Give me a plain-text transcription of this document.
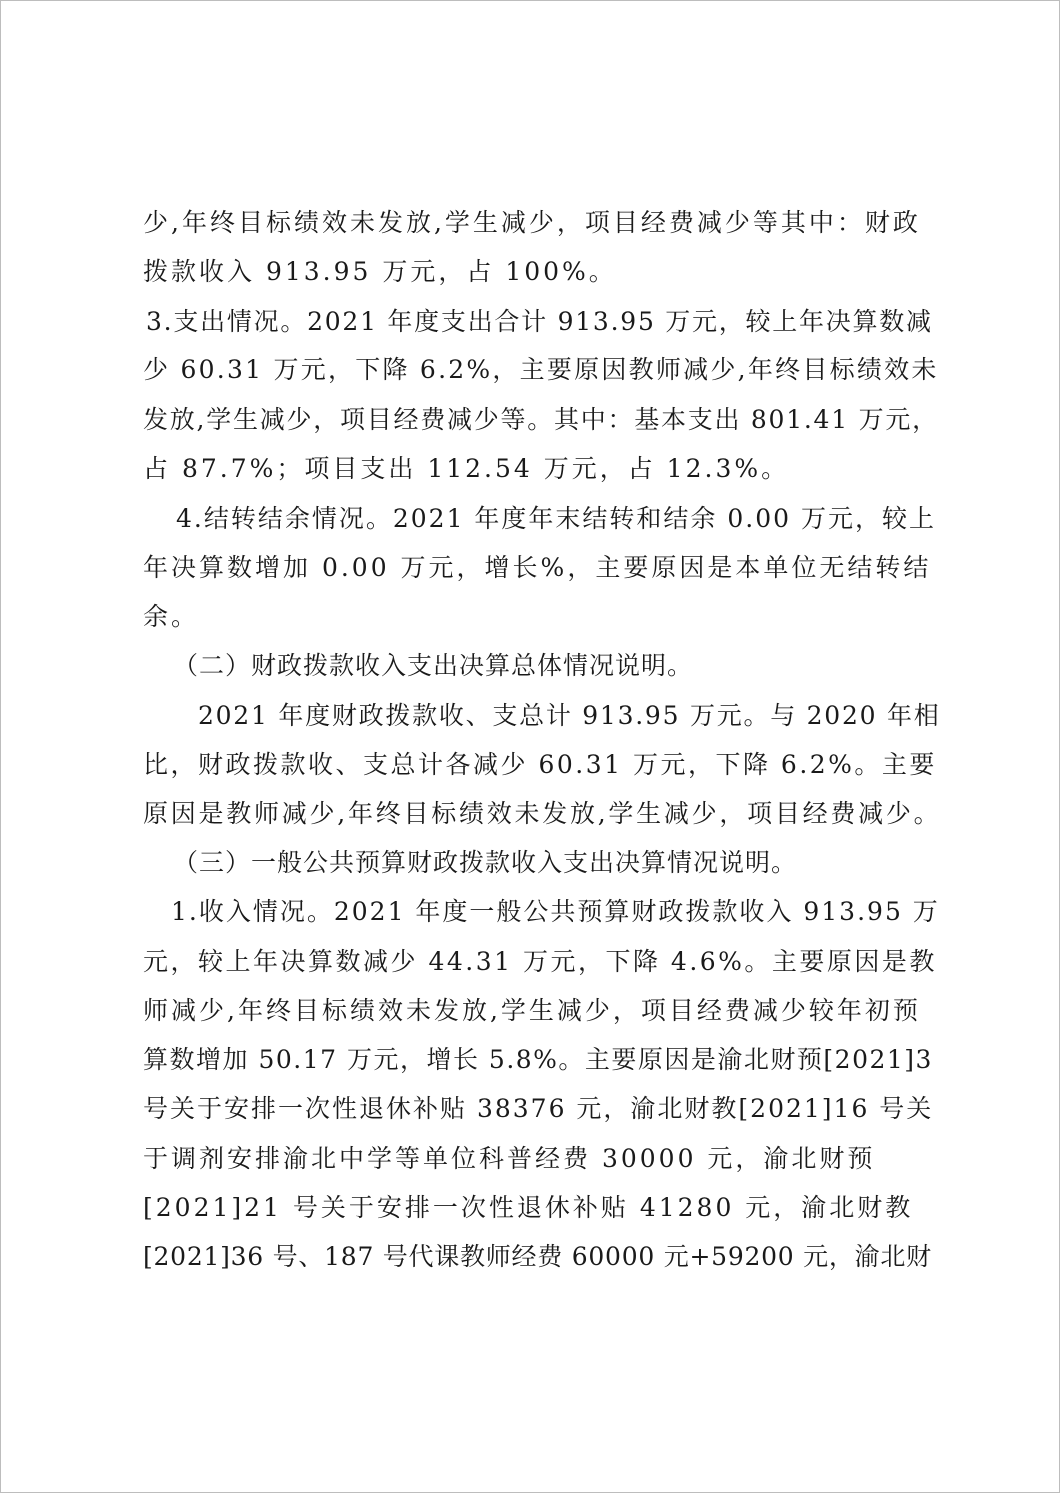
少,年终目标绩效未发放,学生减少，项目经费减少等其中：财政
拨款收入 913.95 万元，占 100%。
3.支出情况。2021 年度支出合计 913.95 万元，较上年决算数减
少 60.31 万元，下降 6.2%，主要原因教师减少,年终目标绩效未
发放,学生减少，项目经费减少等。其中：基本支出 801.41 万元，
占 87.7%；项目支出 112.54 万元，占 12.3%。
4.结转结余情况。2021 年度年末结转和结余 0.00 万元，较上
年决算数增加 0.00 万元，增长%，主要原因是本单位无结转结
余。
（二）财政拨款收入支出决算总体情况说明。
2021 年度财政拨款收、支总计 913.95 万元。与 2020 年相
比，财政拨款收、支总计各减少 60.31 万元，下降 6.2%。主要
原因是教师减少,年终目标绩效未发放,学生减少，项目经费减少。
（三）一般公共预算财政拨款收入支出决算情况说明。
1.收入情况。2021 年度一般公共预算财政拨款收入 913.95 万
元，较上年决算数减少 44.31 万元，下降 4.6%。主要原因是教
师减少,年终目标绩效未发放,学生减少，项目经费减少较年初预
算数增加 50.17 万元，增长 5.8%。主要原因是渝北财预[2021]3
号关于安排一次性退休补贴 38376 元，渝北财教[2021]16 号关
于调剂安排渝北中学等单位科普经费 30000 元，渝北财预
[2021]21 号关于安排一次性退休补贴 41280 元，渝北财教
[2021]36 号、187 号代课教师经费 60000 元+59200 元，渝北财
